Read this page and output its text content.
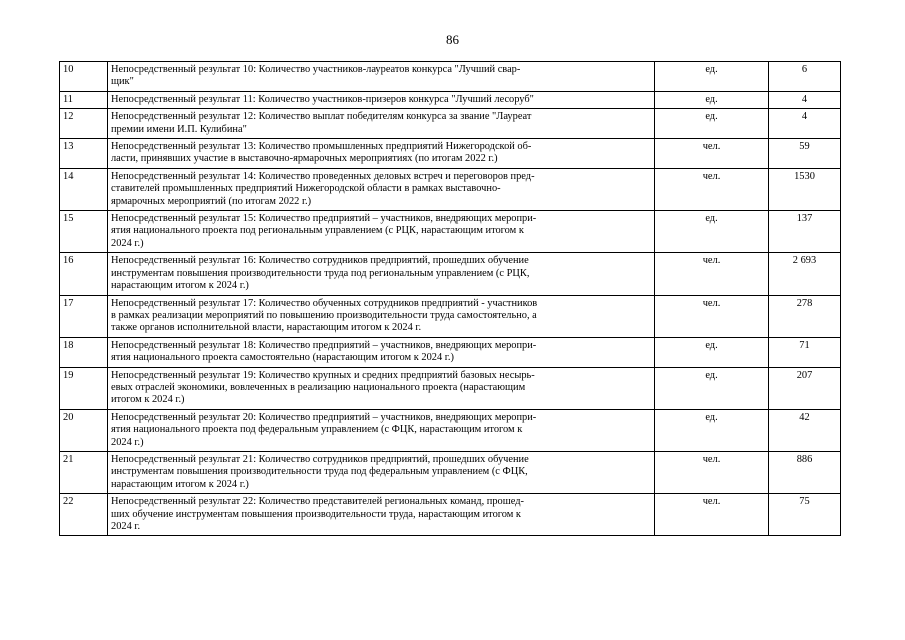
86
10	Непосредственный результат 10: Количество участников-лауреатов конкурса "Лучший свар-
щик"	ед.	6
11	Непосредственный результат 11: Количество участников-призеров конкурса "Лучший лесоруб"	ед.	4
12	Непосредственный результат 12: Количество выплат победителям конкурса за звание "Лауреат
премии имени И.П. Кулибина"	ед.	4
13	Непосредственный результат 13: Количество промышленных предприятий Нижегородской об-
ласти, принявших участие в выставочно-ярмарочных мероприятиях (по итогам 2022 г.)	чел.	59
14	Непосредственный результат 14: Количество проведенных деловых встреч и переговоров пред-
ставителей промышленных предприятий Нижегородской области в рамках выставочно-
ярмарочных мероприятий (по итогам 2022 г.)	чел.	1530
15	Непосредственный результат 15: Количество предприятий – участников, внедряющих меропри-
ятия национального проекта под региональным управлением (с РЦК, нарастающим итогом к
2024 г.)	ед.	137
16	Непосредственный результат 16: Количество сотрудников предприятий, прошедших обучение
инструментам повышения производительности труда под региональным управлением (с РЦК,
нарастающим итогом к 2024 г.)	чел.	2 693
17	Непосредственный результат 17: Количество обученных сотрудников предприятий - участников
в рамках реализации мероприятий по повышению производительности труда самостоятельно, а
также органов исполнительной власти, нарастающим итогом к 2024 г.	чел.	278
18	Непосредственный результат 18: Количество предприятий – участников, внедряющих меропри-
ятия национального проекта самостоятельно (нарастающим итогом к 2024 г.)	ед.	71
19	Непосредственный результат 19: Количество крупных и средних предприятий базовых несырь-
евых отраслей экономики, вовлеченных в реализацию национального проекта (нарастающим
итогом к 2024 г.)	ед.	207
20	Непосредственный результат 20: Количество предприятий – участников, внедряющих меропри-
ятия национального проекта под федеральным управлением (с ФЦК, нарастающим итогом к
2024 г.)	ед.	42
21	Непосредственный результат 21: Количество сотрудников предприятий, прошедших обучение
инструментам повышения производительности труда под федеральным управлением (с ФЦК,
нарастающим итогом к 2024 г.)	чел.	886
22	Непосредственный результат 22: Количество представителей региональных команд, прошед-
ших обучение инструментам повышения производительности труда, нарастающим итогом к
2024 г.	чел.	75
